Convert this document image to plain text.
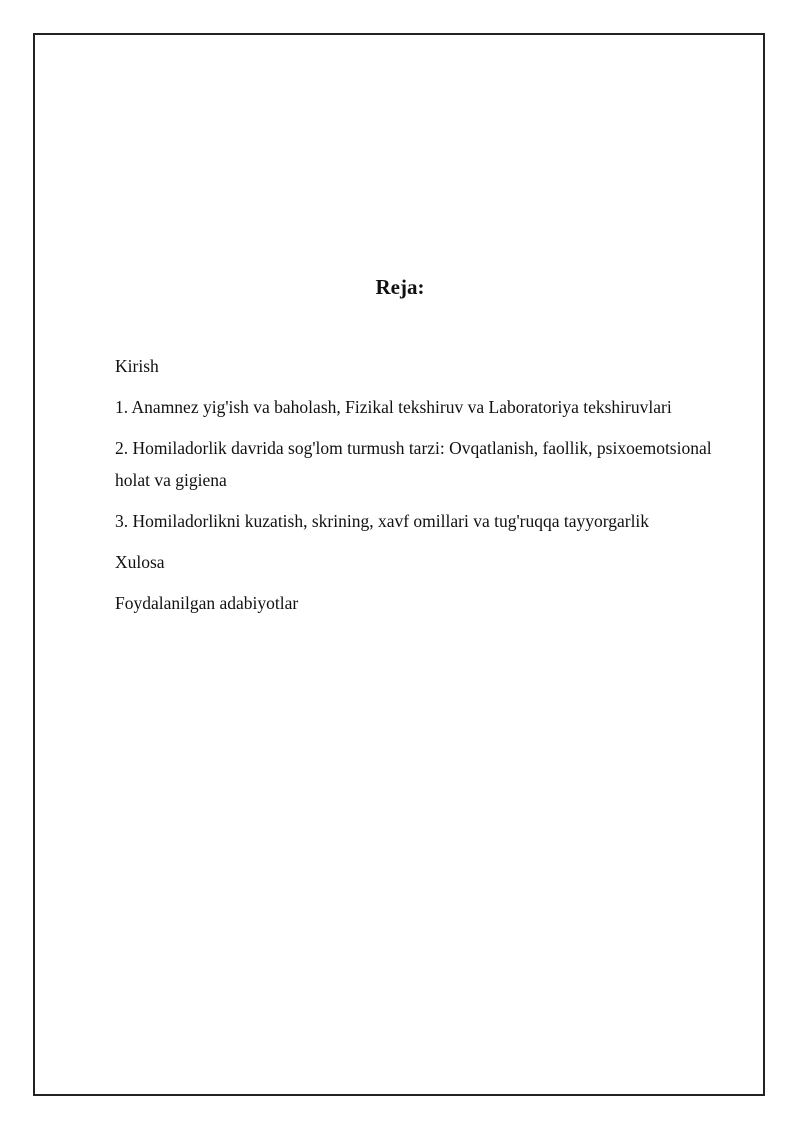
Reja:
Kirish
1. Anamnez yig'ish va baholash, Fizikal tekshiruv va Laboratoriya tekshiruvlari
2. Homiladorlik davrida sog'lom turmush tarzi: Ovqatlanish, faollik, psixoemotsional holat va gigiena
3. Homiladorlikni kuzatish, skrining, xavf omillari va tug'ruqqa tayyorgarlik
Xulosa
Foydalanilgan adabiyotlar
